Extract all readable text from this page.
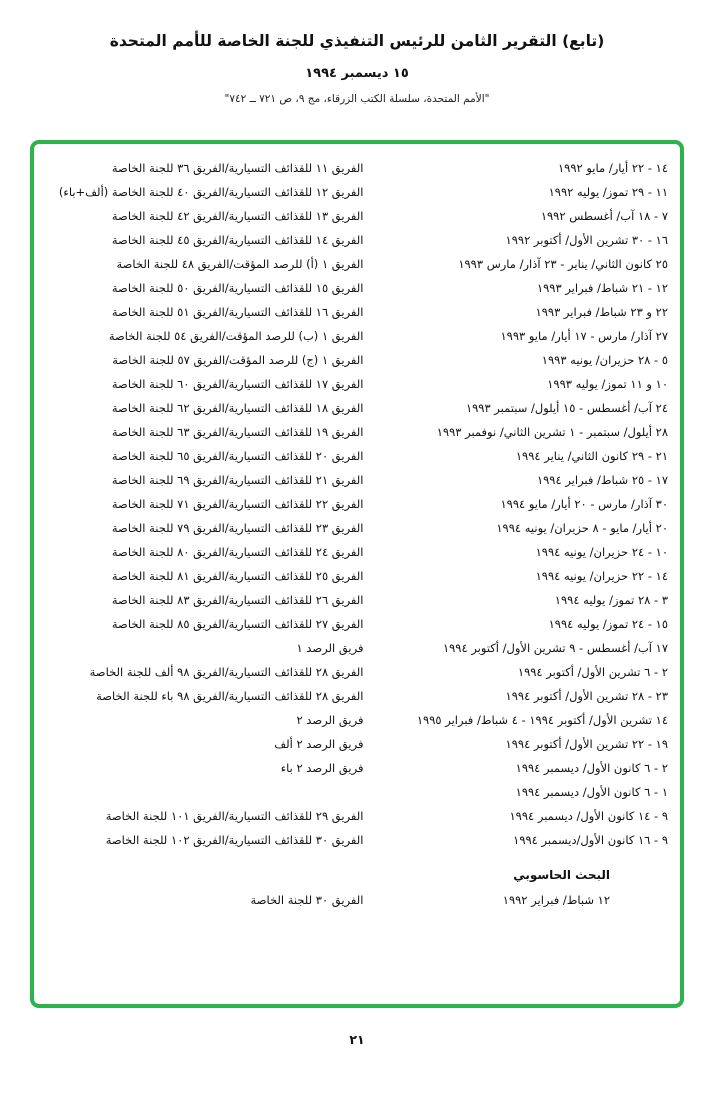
(تابع) التقرير الثامن للرئيس التنفيذي للجنة الخاصة للأمم المتحدة
١٥ ديسمبر ١٩٩٤
"الأمم المتحدة، سلسلة الكتب الزرقاء، مج ٩، ص ٧٢١ ــ ٧٤٢"
١٤ - ٢٢ أيار/ مايو ١٩٩٢
الفريق ١١ للقذائف التسيارية/الفريق ٣٦ للجنة الخاصة
١١ - ٢٩ تموز/ يوليه ١٩٩٢
الفريق ١٢ للقذائف التسيارية/الفريق ٤٠ للجنة الخاصة (ألف+باء)
٧ - ١٨ آب/ أغسطس ١٩٩٢
الفريق ١٣ للقذائف التسيارية/الفريق ٤٢ للجنة الخاصة
١٦ - ٣٠ تشرين الأول/ أكتوبر ١٩٩٢
الفريق ١٤ للقذائف التسيارية/الفريق ٤٥ للجنة الخاصة
٢٥ كانون الثاني/ يناير - ٢٣ آذار/ مارس ١٩٩٣
الفريق ١ (أ) للرصد المؤقت/الفريق ٤٨ للجنة الخاصة
١٢ - ٢١ شباط/ فبراير ١٩٩٣
الفريق ١٥ للقذائف التسيارية/الفريق ٥٠ للجنة الخاصة
٢٢ و ٢٣ شباط/ فبراير ١٩٩٣
الفريق ١٦ للقذائف التسيارية/الفريق ٥١ للجنة الخاصة
٢٧ آذار/ مارس - ١٧ أيار/ مايو ١٩٩٣
الفريق ١ (ب) للرصد المؤقت/الفريق ٥٤ للجنة الخاصة
٥ - ٢٨ حزيران/ يونيه ١٩٩٣
الفريق ١ (ج) للرصد المؤقت/الفريق ٥٧ للجنة الخاصة
١٠ و ١١ تموز/ يوليه ١٩٩٣
الفريق ١٧ للقذائف التسيارية/الفريق ٦٠ للجنة الخاصة
٢٤ آب/ أغسطس - ١٥ أيلول/ سبتمبر ١٩٩٣
الفريق ١٨ للقذائف التسيارية/الفريق ٦٢ للجنة الخاصة
٢٨ أيلول/ سبتمبر - ١ تشرين الثاني/ نوفمبر ١٩٩٣
الفريق ١٩ للقذائف التسيارية/الفريق ٦٣ للجنة الخاصة
٢١ - ٢٩ كانون الثاني/ يناير ١٩٩٤
الفريق ٢٠ للقذائف التسيارية/الفريق ٦٥ للجنة الخاصة
١٧ - ٢٥ شباط/ فبراير ١٩٩٤
الفريق ٢١ للقذائف التسيارية/الفريق ٦٩ للجنة الخاصة
٣٠ آذار/ مارس - ٢٠ أيار/ مايو ١٩٩٤
الفريق ٢٢ للقذائف التسيارية/الفريق ٧١ للجنة الخاصة
٢٠ أيار/ مايو - ٨ حزيران/ يونيه ١٩٩٤
الفريق ٢٣ للقذائف التسيارية/الفريق ٧٩ للجنة الخاصة
١٠ - ٢٤ حزيران/ يونيه ١٩٩٤
الفريق ٢٤ للقذائف التسيارية/الفريق ٨٠ للجنة الخاصة
١٤ - ٢٢ حزيران/ يونيه ١٩٩٤
الفريق ٢٥ للقذائف التسيارية/الفريق ٨١ للجنة الخاصة
٣ - ٢٨ تموز/ يوليه ١٩٩٤
الفريق ٢٦ للقذائف التسيارية/الفريق ٨٣ للجنة الخاصة
١٥ - ٢٤ تموز/ يوليه ١٩٩٤
الفريق ٢٧ للقذائف التسيارية/الفريق ٨٥ للجنة الخاصة
١٧ آب/ أغسطس - ٩ تشرين الأول/ أكتوبر ١٩٩٤
فريق الرصد ١
٢ - ٦ تشرين الأول/ أكتوبر ١٩٩٤
الفريق ٢٨ للقذائف التسيارية/الفريق ٩٨ ألف للجنة الخاصة
٢٣ - ٢٨ تشرين الأول/ أكتوبر ١٩٩٤
الفريق ٢٨ للقذائف التسيارية/الفريق ٩٨ باء للجنة الخاصة
١٤ تشرين الأول/ أكتوبر ١٩٩٤ - ٤ شباط/ فبراير ١٩٩٥
فريق الرصد ٢
١٩ - ٢٢ تشرين الأول/ أكتوبر ١٩٩٤
فريق الرصد ٢ ألف
٢ - ٦ كانون الأول/ ديسمبر ١٩٩٤
فريق الرصد ٢ باء
١ - ٦ كانون الأول/ ديسمبر ١٩٩٤
٩ - ١٤ كانون الأول/ ديسمبر ١٩٩٤
الفريق ٢٩ للقذائف التسيارية/الفريق ١٠١ للجنة الخاصة
٩ - ١٦ كانون الأول/ديسمبر ١٩٩٤
الفريق ٣٠ للقذائف التسيارية/الفريق ١٠٢ للجنة الخاصة
البحث الحاسوبي
١٢ شباط/ فبراير ١٩٩٢
الفريق ٣٠ للجنة الخاصة
٢١
